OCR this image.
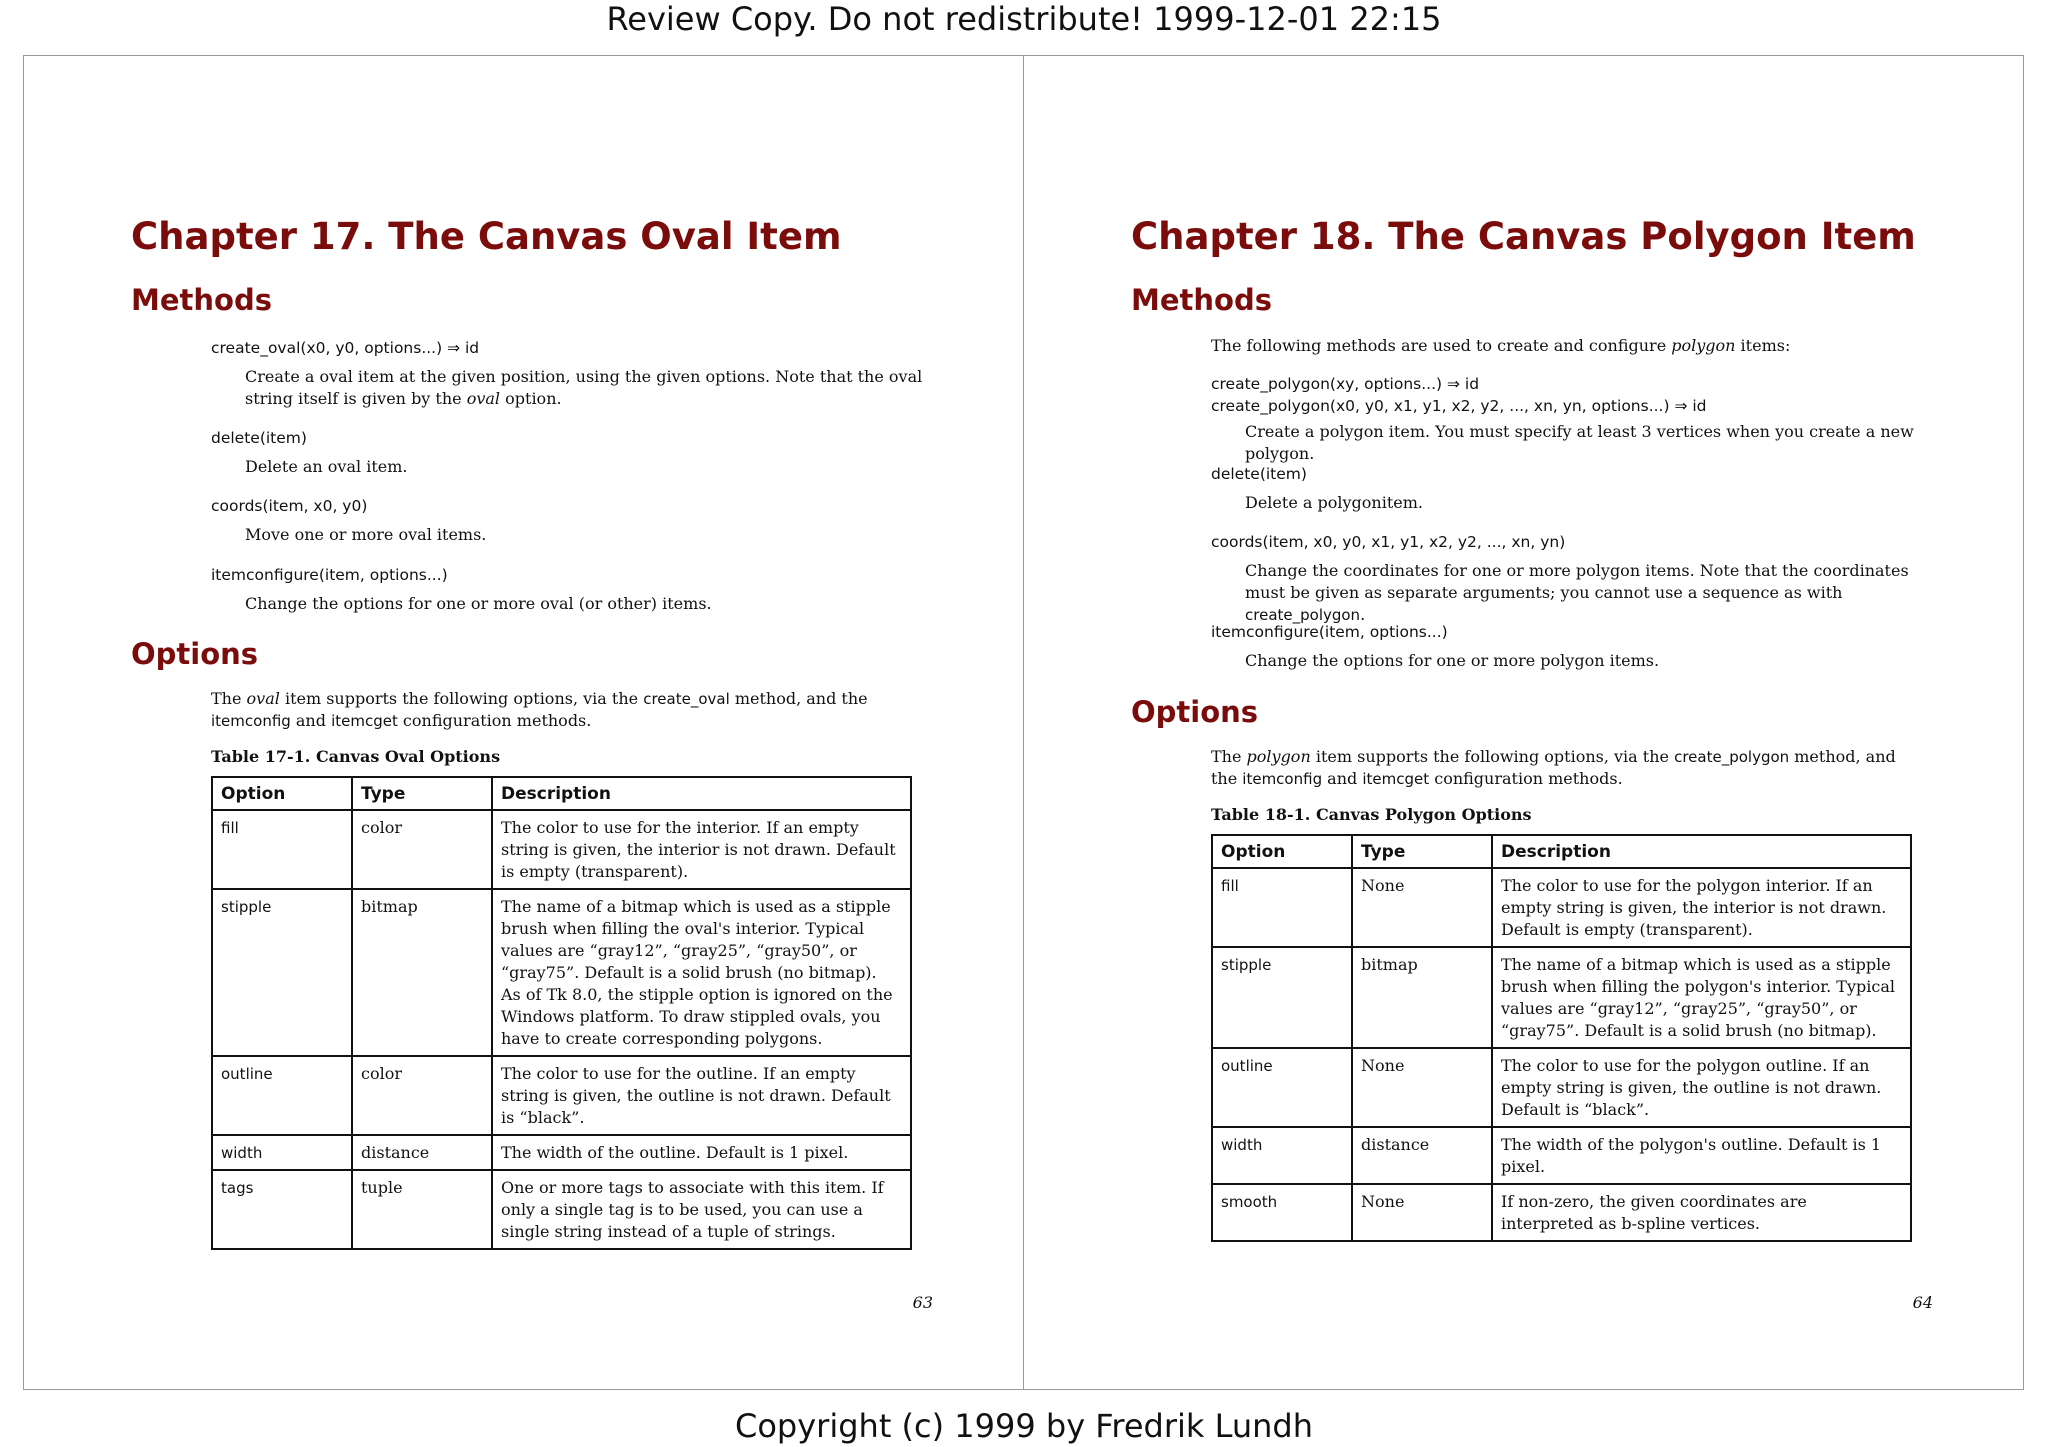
Review Copy. Do not redistribute! 1999-12-01 22:15
Chapter 17. The Canvas Oval Item
Methods
create_oval(x0, y0, options...) ⇒ id
Create a oval item at the given position, using the given options. Note that the oval string itself is given by the oval option.
delete(item)
Delete an oval item.
coords(item, x0, y0)
Move one or more oval items.
itemconfigure(item, options...)
Change the options for one or more oval (or other) items.
Options
The oval item supports the following options, via the create_oval method, and the itemconfig and itemcget configuration methods.
Table 17-1. Canvas Oval Options
Option	Type	Description
fill	color	The color to use for the interior. If an empty string is given, the interior is not drawn. Default is empty (transparent).
stipple	bitmap	The name of a bitmap which is used as a stipple brush when filling the oval's interior. Typical values are “gray12”, “gray25”, “gray50”, or “gray75”. Default is a solid brush (no bitmap).
As of Tk 8.0, the stipple option is ignored on the Windows platform. To draw stippled ovals, you have to create corresponding polygons.
outline	color	The color to use for the outline. If an empty string is given, the outline is not drawn. Default is “black”.
width	distance	The width of the outline. Default is 1 pixel.
tags	tuple	One or more tags to associate with this item. If only a single tag is to be used, you can use a single string instead of a tuple of strings.
63
Chapter 18. The Canvas Polygon Item
Methods
The following methods are used to create and configure polygon items:
create_polygon(xy, options...) ⇒ id
create_polygon(x0, y0, x1, y1, x2, y2, ..., xn, yn, options...) ⇒ id
Create a polygon item. You must specify at least 3 vertices when you create a new polygon.
delete(item)
Delete a polygonitem.
coords(item, x0, y0, x1, y1, x2, y2, ..., xn, yn)
Change the coordinates for one or more polygon items. Note that the coordinates must be given as separate arguments; you cannot use a sequence as with create_polygon.
itemconfigure(item, options...)
Change the options for one or more polygon items.
Options
The polygon item supports the following options, via the create_polygon method, and the itemconfig and itemcget configuration methods.
Table 18-1. Canvas Polygon Options
Option	Type	Description
fill	None	The color to use for the polygon interior. If an empty string is given, the interior is not drawn. Default is empty (transparent).
stipple	bitmap	The name of a bitmap which is used as a stipple brush when filling the polygon's interior. Typical values are “gray12”, “gray25”, “gray50”, or “gray75”. Default is a solid brush (no bitmap).
outline	None	The color to use for the polygon outline. If an empty string is given, the outline is not drawn. Default is “black”.
width	distance	The width of the polygon's outline. Default is 1 pixel.
smooth	None	If non-zero, the given coordinates are interpreted as b-spline vertices.
64
Copyright (c) 1999 by Fredrik Lundh
